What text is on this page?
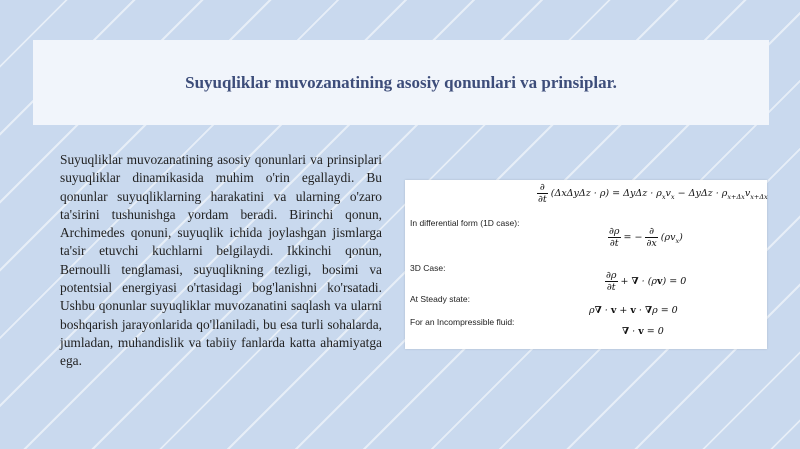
Suyuqliklar muvozanatining asosiy qonunlari va prinsiplar.

Suyuqliklar muvozanatining asosiy qonunlari va prinsiplari suyuqliklar dinamikasida muhim o'rin egallaydi. Bu qonunlar suyuqliklarning harakatini va ularning o'zaro ta'sirini tushunishga yordam beradi. Birinchi qonun, Archimedes qonuni, suyuqlik ichida joylashgan jismlarga ta'sir etuvchi kuchlarni belgilaydi. Ikkinchi qonun, Bernoulli tenglamasi, suyuqlikning tezligi, bosimi va potentsial energiyasi o'rtasidagi bog'lanishni ko'rsatadi. Ushbu qonunlar suyuqliklar muvozanatini saqlash va ularni boshqarish jarayonlarida qo'llaniladi, bu esa turli sohalarda, jumladan, muhandislik va tabiiy fanlarda katta ahamiyatga ega.

$\frac{\partial}{\partial t} (\Delta x\Delta y\Delta z \cdot \rho) = \Delta y\Delta z \cdot \rho_xv_x - \Delta y\Delta z \cdot \rho_{x+\Delta x}v_{x+\Delta x}$
In differential form (1D case):
$\frac{\partial\rho}{\partial t}$ = − $\frac{\partial}{\partial x} (\rho v_x)$
3D Case:
$\frac{\partial\rho}{\partial t}$ + ∇ · (ρv) = 0
At Steady state:
ρ∇ · v + v · ∇ρ = 0
For an Incompressible fluid:
∇ · v = 0
